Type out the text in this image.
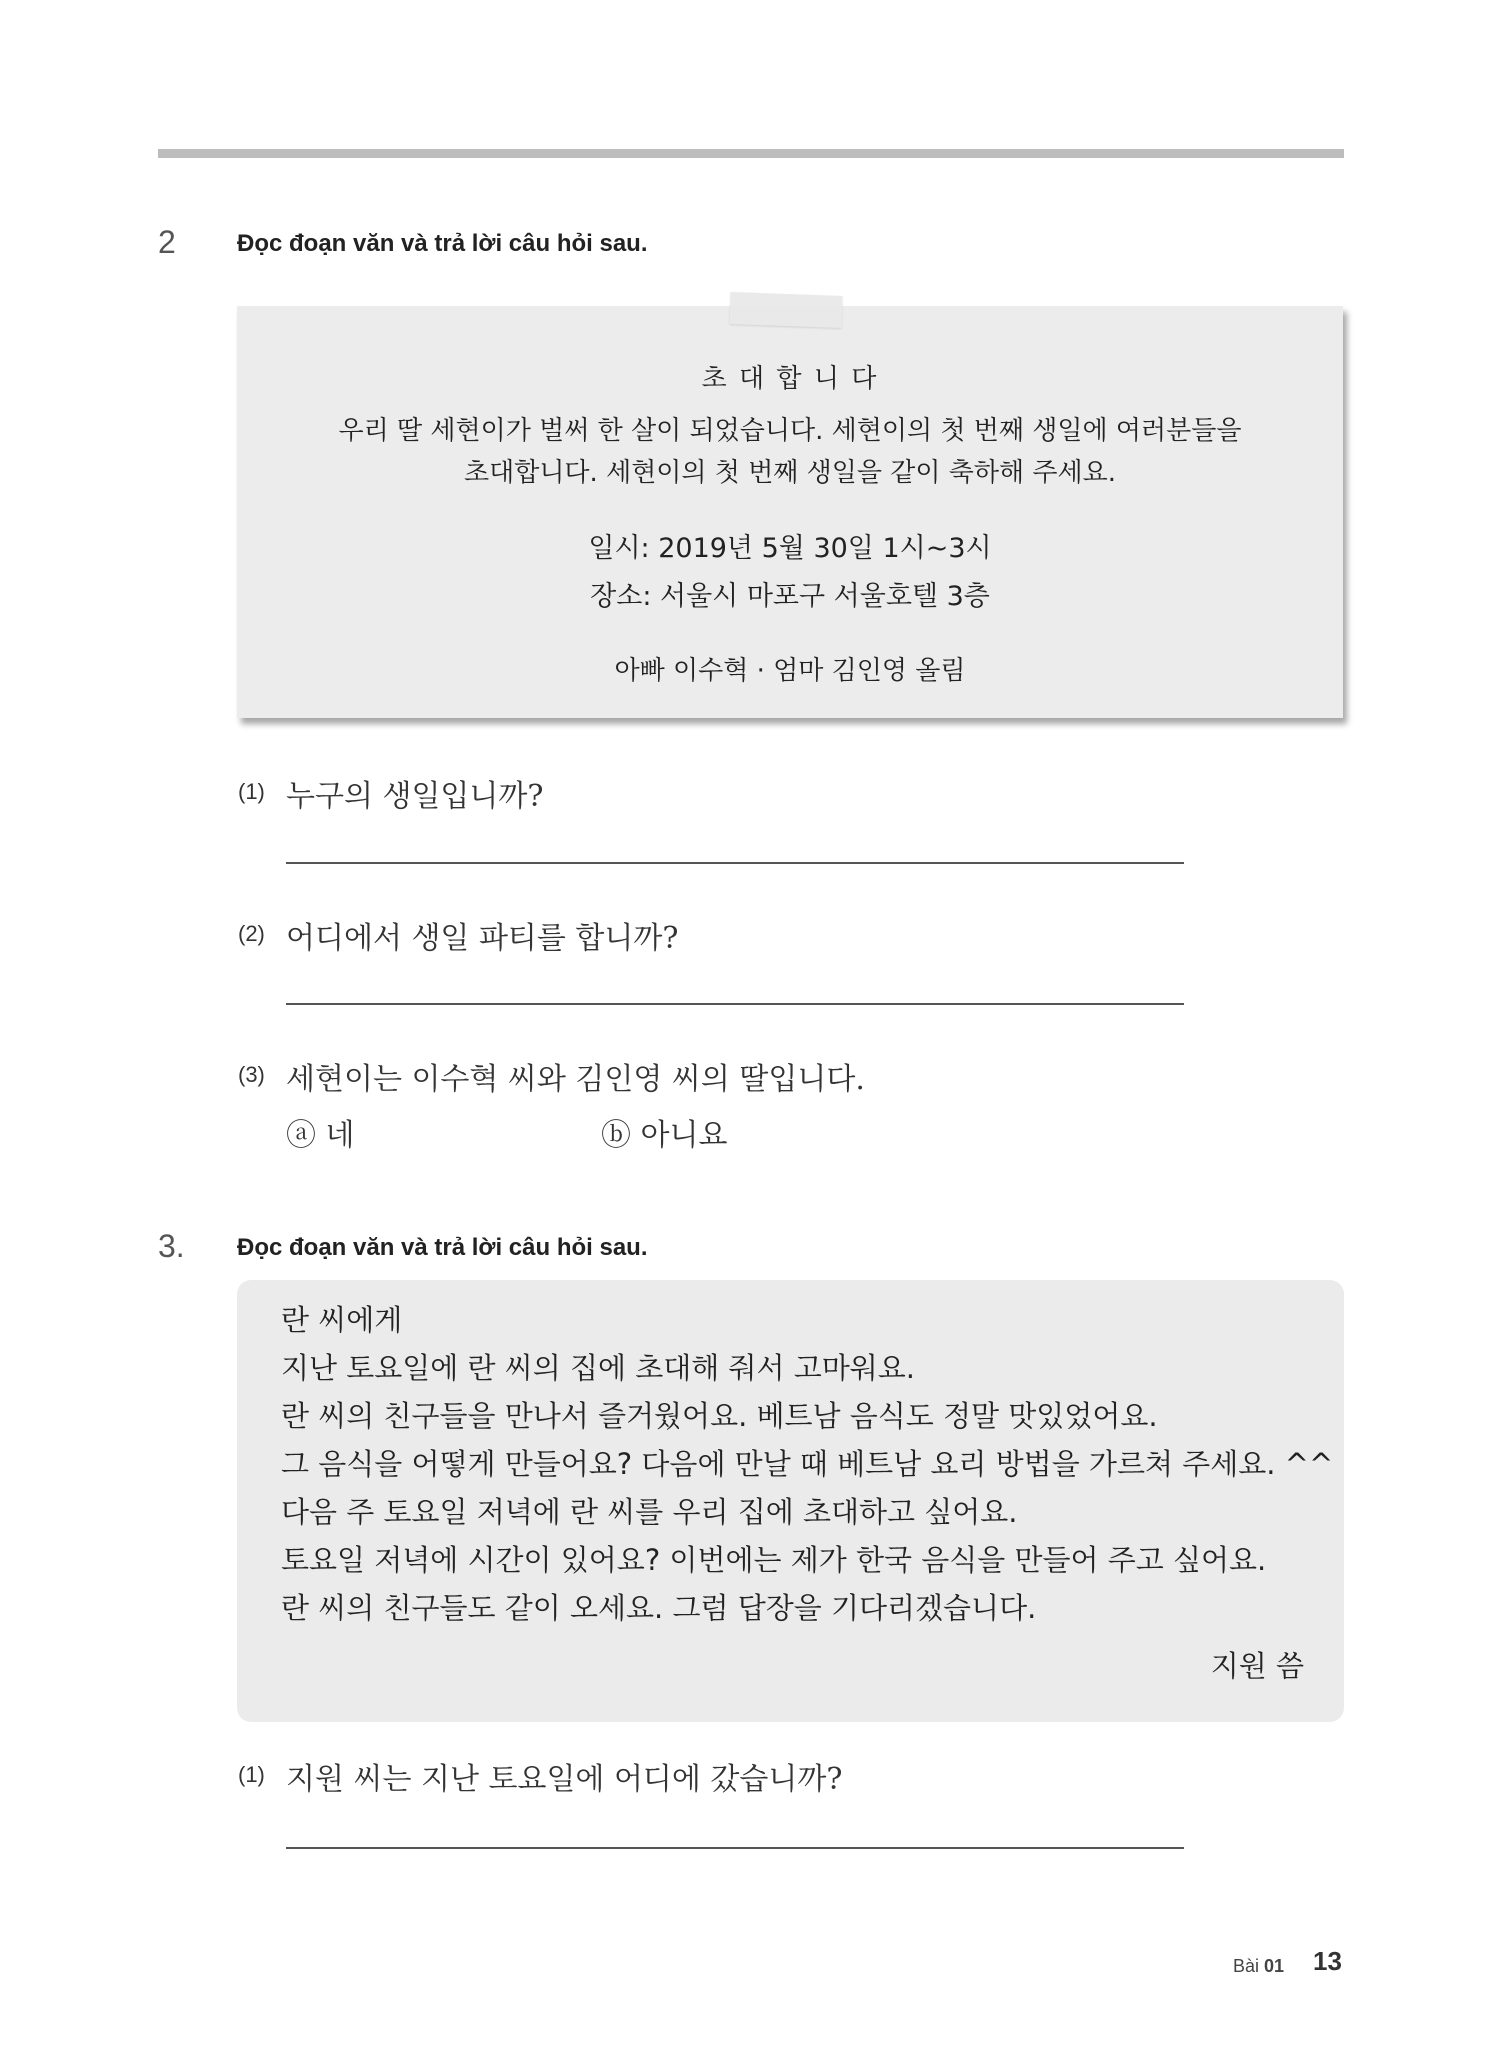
2	Đọc đoạn văn và trả lời câu hỏi sau.
초 대 합 니 다
우리 딸 세현이가 벌써 한 살이 되었습니다. 세현이의 첫 번째 생일에 여러분들을
초대합니다. 세현이의 첫 번째 생일을 같이 축하해 주세요.
일시: 2019년 5월 30일 1시~3시
장소: 서울시 마포구 서울호텔 3층
아빠 이수혁 · 엄마 김인영 올림
(1) 누구의 생일입니까?
(2) 어디에서 생일 파티를 합니까?
(3) 세현이는 이수혁 씨와 김인영 씨의 딸입니다.
ⓐ 네	ⓑ 아니요
3. Đọc đoạn văn và trả lời câu hỏi sau.
란 씨에게
지난 토요일에 란 씨의 집에 초대해 줘서 고마워요.
란 씨의 친구들을 만나서 즐거웠어요. 베트남 음식도 정말 맛있었어요.
그 음식을 어떻게 만들어요? 다음에 만날 때 베트남 요리 방법을 가르쳐 주세요. ^^
다음 주 토요일 저녁에 란 씨를 우리 집에 초대하고 싶어요.
토요일 저녁에 시간이 있어요? 이번에는 제가 한국 음식을 만들어 주고 싶어요.
란 씨의 친구들도 같이 오세요. 그럼 답장을 기다리겠습니다.
지원 씀
(1) 지원 씨는 지난 토요일에 어디에 갔습니까?
Bài 01 13
